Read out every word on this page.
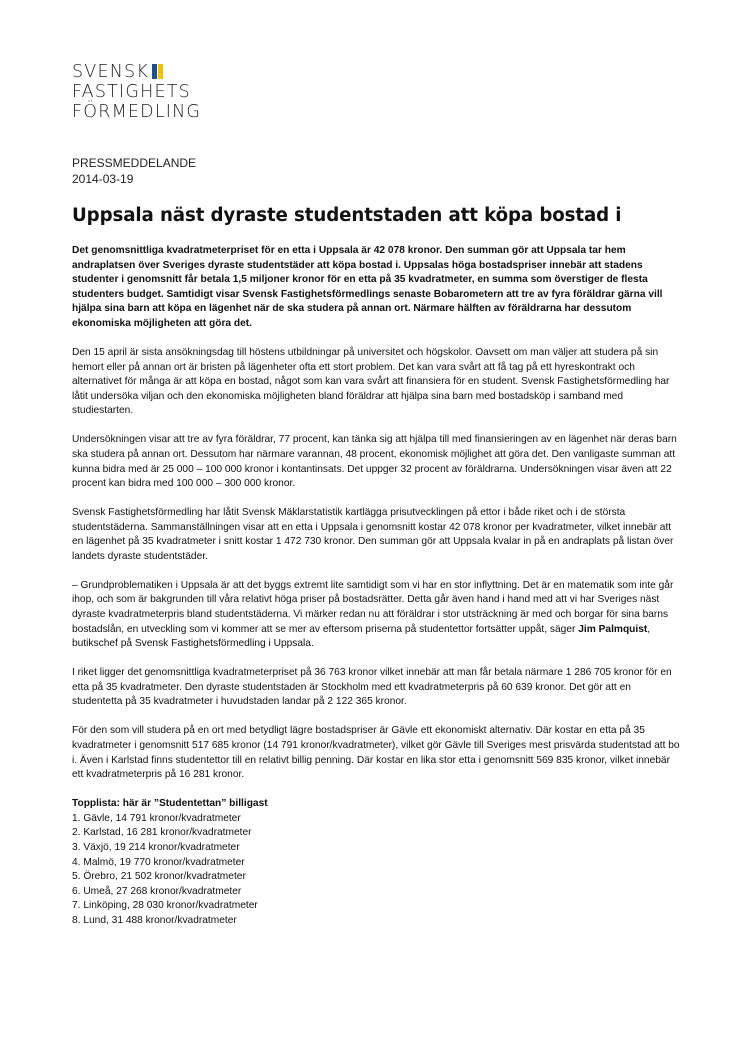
SVENSK
FASTIGHETS
FÖRMEDLING
PRESSMEDDELANDE
2014-03-19
Uppsala näst dyraste studentstaden att köpa bostad i

Det genomsnittliga kvadratmeterpriset för en etta i Uppsala är 42 078 kronor. Den summan gör att Uppsala tar hem andraplatsen över Sveriges dyraste studentstäder att köpa bostad i. Uppsalas höga bostadspriser innebär att stadens studenter i genomsnitt får betala 1,5 miljoner kronor för en etta på 35 kvadratmeter, en summa som överstiger de flesta studenters budget. Samtidigt visar Svensk Fastighetsförmedlings senaste Bobarometern att tre av fyra föräldrar gärna vill hjälpa sina barn att köpa en lägenhet när de ska studera på annan ort. Närmare hälften av föräldrarna har dessutom ekonomiska möjligheten att göra det.

Den 15 april är sista ansökningsdag till höstens utbildningar på universitet och högskolor. Oavsett om man väljer att studera på sin hemort eller på annan ort är bristen på lägenheter ofta ett stort problem. Det kan vara svårt att få tag på ett hyreskontrakt och alternativet för många är att köpa en bostad, något som kan vara svårt att finansiera för en student. Svensk Fastighetsförmedling har låtit undersöka viljan och den ekonomiska möjligheten bland föräldrar att hjälpa sina barn med bostadsköp i samband med studiestarten.

Undersökningen visar att tre av fyra föräldrar, 77 procent, kan tänka sig att hjälpa till med finansieringen av en lägenhet när deras barn ska studera på annan ort. Dessutom har närmare varannan, 48 procent, ekonomisk möjlighet att göra det. Den vanligaste summan att kunna bidra med är 25 000 – 100 000 kronor i kontantinsats. Det uppger 32 procent av föräldrarna. Undersökningen visar även att 22 procent kan bidra med 100 000 – 300 000 kronor.

Svensk Fastighetsförmedling har låtit Svensk Mäklarstatistik kartlägga prisutvecklingen på ettor i både riket och i de största studentstäderna. Sammanställningen visar att en etta i Uppsala i genomsnitt kostar 42 078 kronor per kvadratmeter, vilket innebär att en lägenhet på 35 kvadratmeter i snitt kostar 1 472 730 kronor. Den summan gör att Uppsala kvalar in på en andraplats på listan över landets dyraste studentstäder.

– Grundproblematiken i Uppsala är att det byggs extremt lite samtidigt som vi har en stor inflyttning. Det är en matematik som inte går ihop, och som är bakgrunden till våra relativt höga priser på bostadsrätter. Detta går även hand i hand med att vi har Sveriges näst dyraste kvadratmeterpris bland studentstäderna. Vi märker redan nu att föräldrar i stor utsträckning är med och borgar för sina barns bostadslån, en utveckling som vi kommer att se mer av eftersom priserna på studentettor fortsätter uppåt, säger Jim Palmquist, butikschef på Svensk Fastighetsförmedling i Uppsala.

I riket ligger det genomsnittliga kvadratmeterpriset på 36 763 kronor vilket innebär att man får betala närmare 1 286 705 kronor för en etta på 35 kvadratmeter. Den dyraste studentstaden är Stockholm med ett kvadratmeterpris på 60 639 kronor. Det gör att en studentetta på 35 kvadratmeter i huvudstaden landar på 2 122 365 kronor.

För den som vill studera på en ort med betydligt lägre bostadspriser är Gävle ett ekonomiskt alternativ. Där kostar en etta på 35 kvadratmeter i genomsnitt 517 685 kronor (14 791 kronor/kvadratmeter), vilket gör Gävle till Sveriges mest prisvärda studentstad att bo i. Även i Karlstad finns studentettor till en relativt billig penning. Där kostar en lika stor etta i genomsnitt 569 835 kronor, vilket innebär ett kvadratmeterpris på 16 281 kronor.

Topplista: här är ”Studentettan” billigast
1. Gävle, 14 791 kronor/kvadratmeter
2. Karlstad, 16 281 kronor/kvadratmeter
3. Växjö, 19 214 kronor/kvadratmeter
4. Malmö, 19 770 kronor/kvadratmeter
5. Örebro, 21 502 kronor/kvadratmeter
6. Umeå, 27 268 kronor/kvadratmeter
7. Linköping, 28 030 kronor/kvadratmeter
8. Lund, 31 488 kronor/kvadratmeter
